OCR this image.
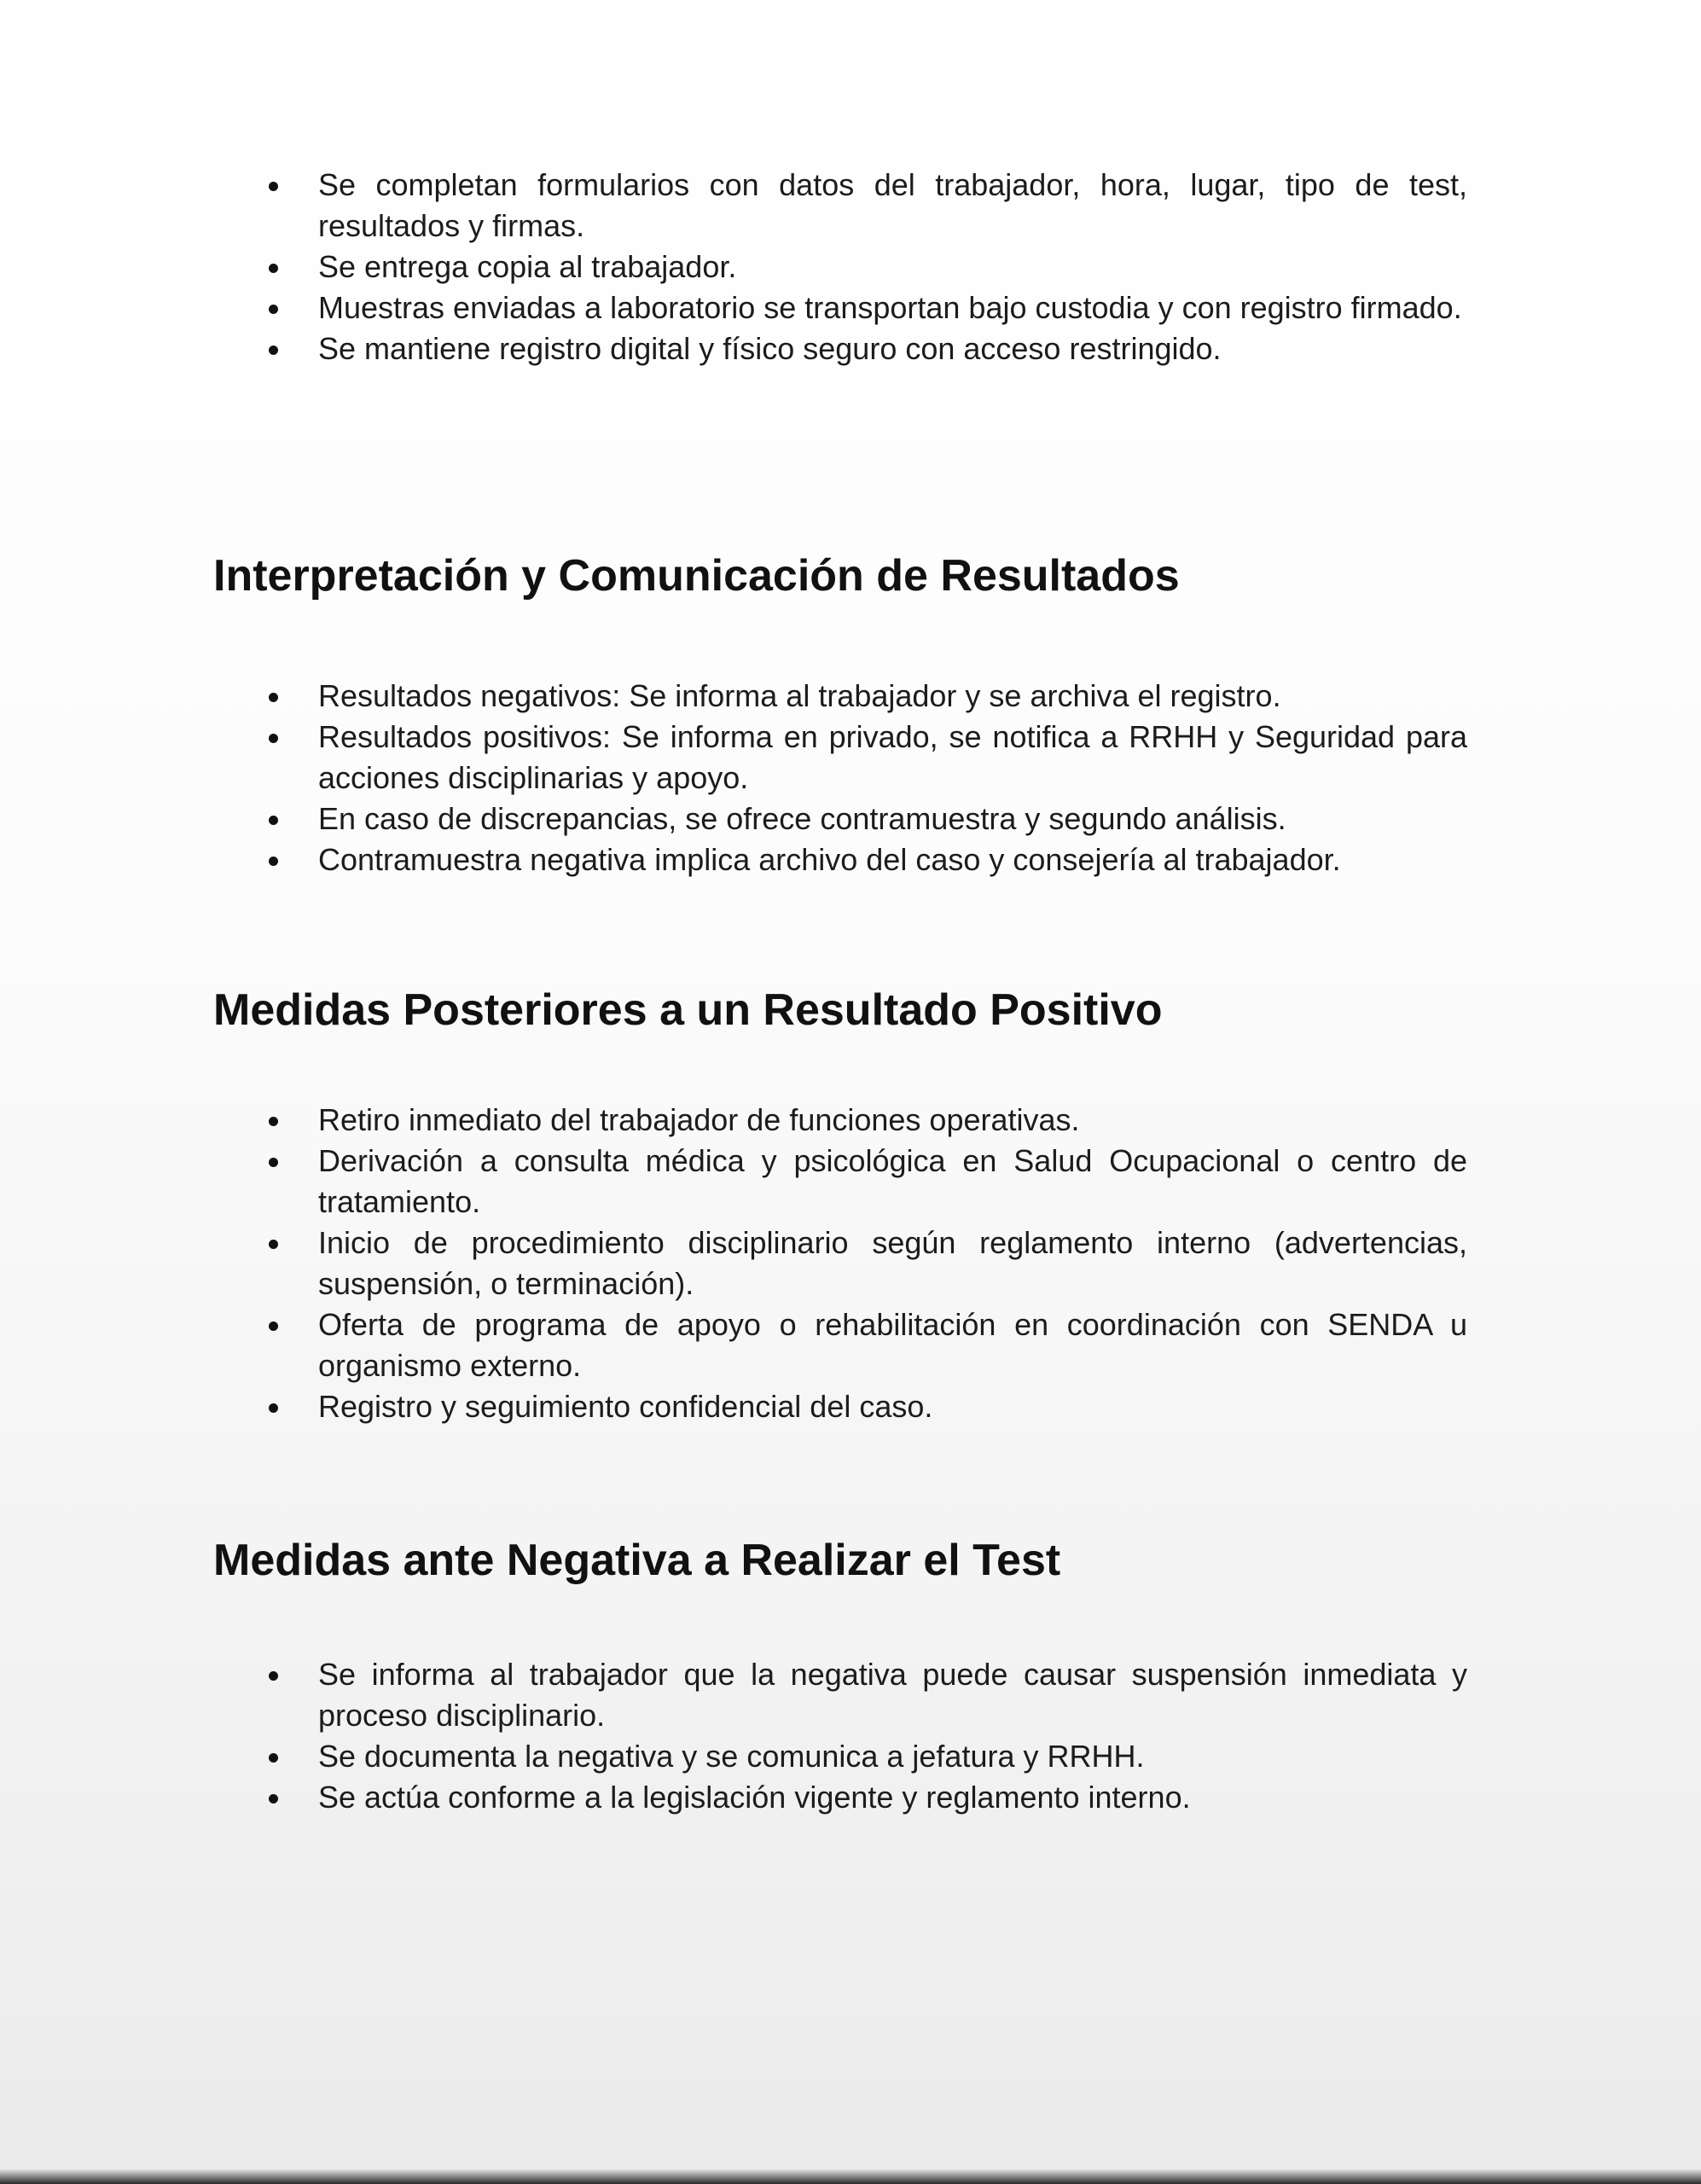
Se completan formularios con datos del trabajador, hora, lugar, tipo de test, resultados y firmas.
Se entrega copia al trabajador.
Muestras enviadas a laboratorio se transportan bajo custodia y con registro firmado.
Se mantiene registro digital y físico seguro con acceso restringido.
Interpretación y Comunicación de Resultados
Resultados negativos: Se informa al trabajador y se archiva el registro.
Resultados positivos: Se informa en privado, se notifica a RRHH y Seguridad para acciones disciplinarias y apoyo.
En caso de discrepancias, se ofrece contramuestra y segundo análisis.
Contramuestra negativa implica archivo del caso y consejería al trabajador.
Medidas Posteriores a un Resultado Positivo
Retiro inmediato del trabajador de funciones operativas.
Derivación a consulta médica y psicológica en Salud Ocupacional o centro de tratamiento.
Inicio de procedimiento disciplinario según reglamento interno (advertencias, suspensión, o terminación).
Oferta de programa de apoyo o rehabilitación en coordinación con SENDA u organismo externo.
Registro y seguimiento confidencial del caso.
Medidas ante Negativa a Realizar el Test
Se informa al trabajador que la negativa puede causar suspensión inmediata y proceso disciplinario.
Se documenta la negativa y se comunica a jefatura y RRHH.
Se actúa conforme a la legislación vigente y reglamento interno.
